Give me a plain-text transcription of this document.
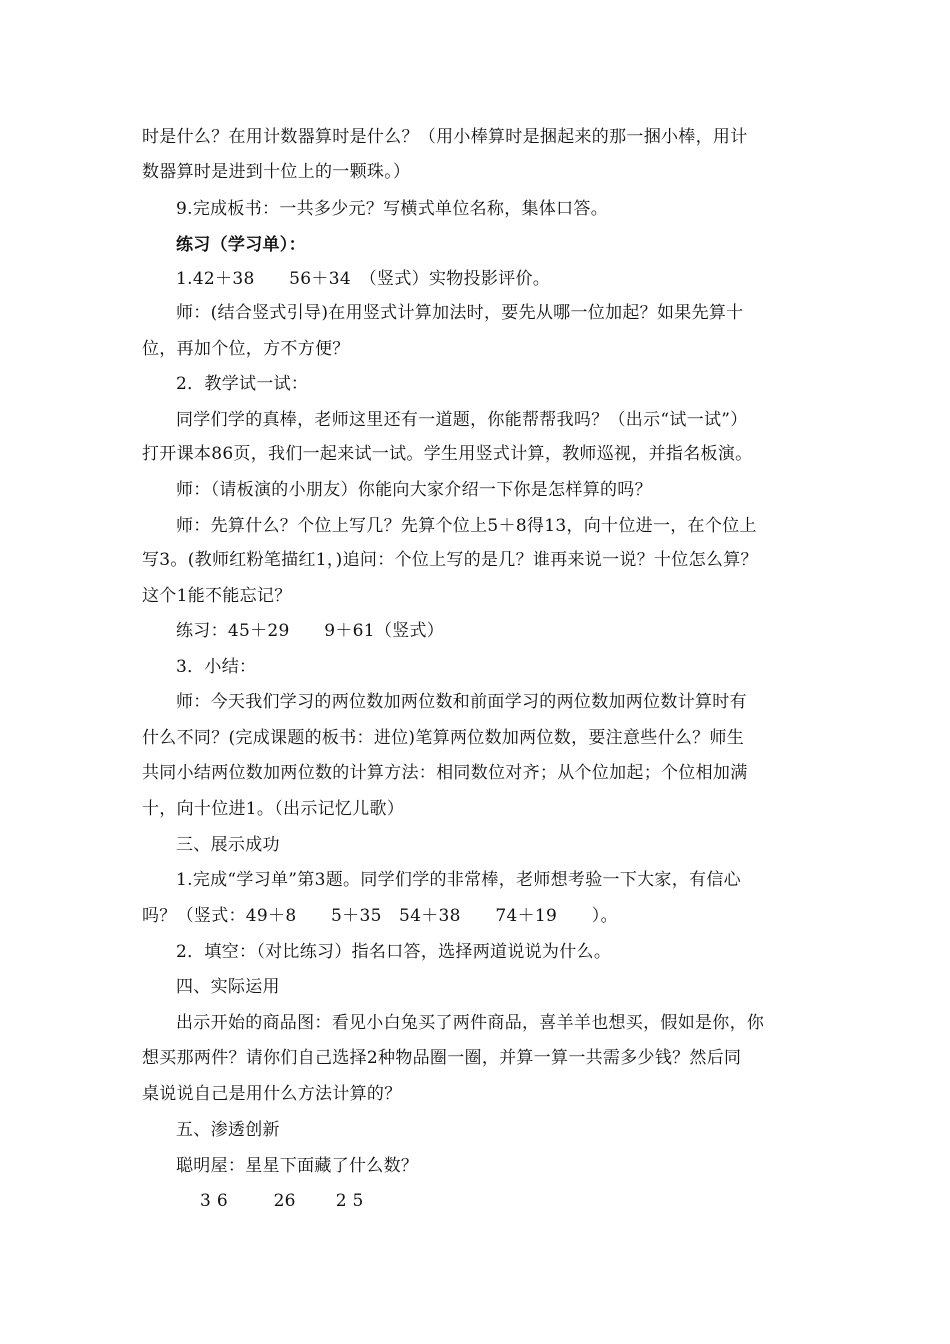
时是什么？在用计数器算时是什么？（用小棒算时是捆起来的那一捆小棒，用计
数器算时是进到十位上的一颗珠。）
9.完成板书：一共多少元？写横式单位名称，集体口答。
练习（学习单）：
1.42＋38　　56＋34　（竖式）实物投影评价。
师：(结合竖式引导)在用竖式计算加法时，要先从哪一位加起？如果先算十
位，再加个位，方不方便？
2．教学试一试：
同学们学的真棒，老师这里还有一道题，你能帮帮我吗？（出示“试一试”）
打开课本86页，我们一起来试一试。学生用竖式计算，教师巡视，并指名板演。
师：（请板演的小朋友）你能向大家介绍一下你是怎样算的吗？
师：先算什么？个位上写几？先算个位上5＋8得13，向十位进一，在个位上
写3。(教师红粉笔描红1，)追问：个位上写的是几？谁再来说一说？十位怎么算？
这个1能不能忘记？
练习：45＋29　　9＋61（竖式）
3．小结：
师：今天我们学习的两位数加两位数和前面学习的两位数加两位数计算时有
什么不同？(完成课题的板书：进位)笔算两位数加两位数，要注意些什么？师生
共同小结两位数加两位数的计算方法：相同数位对齐；从个位加起；个位相加满
十，向十位进1。（出示记忆儿歌）
三、展示成功
1.完成“学习单”第3题。同学们学的非常棒，老师想考验一下大家，有信心
吗？（竖式：49＋8　　5＋35　54＋38　　74＋19　　）。
2．填空：（对比练习）指名口答，选择两道说说为什么。
四、实际运用
出示开始的商品图：看见小白兔买了两件商品，喜羊羊也想买，假如是你，你
想买那两件？请你们自己选择2种物品圈一圈，并算一算一共需多少钱？然后同
桌说说自己是用什么方法计算的？
五、渗透创新
聪明屋：星星下面藏了什么数？
3 6        26       2 5
